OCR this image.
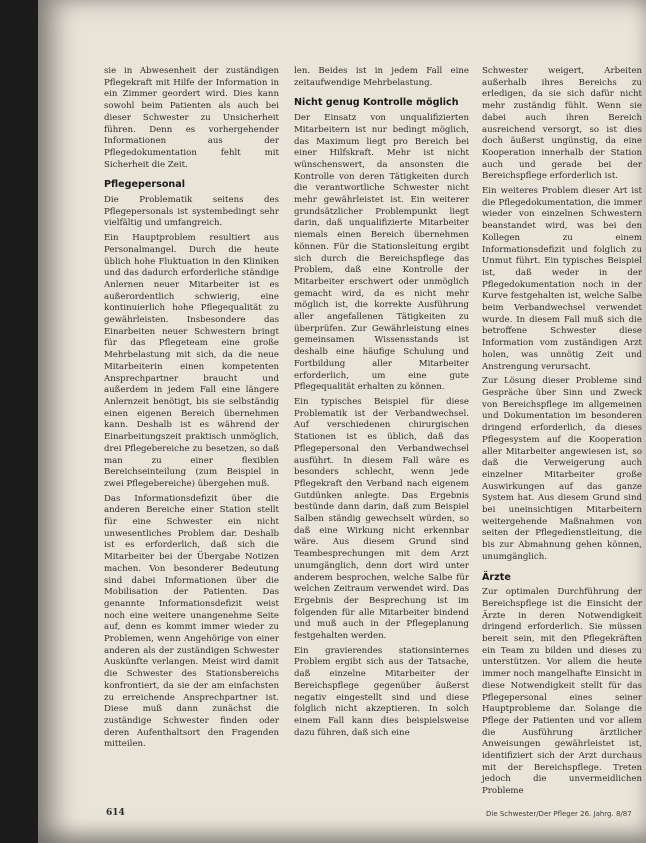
sie in Abwesenheit der zuständigen Pflegekraft mit Hilfe der Information in ein Zimmer geordert wird. Dies kann sowohl beim Patienten als auch bei dieser Schwester zu Unsicherheit führen. Denn es vorhergehender Informationen aus der Pflegedokumentation fehlt mit Sicherheit die Zeit.

Pflegepersonal

Die Problematik seitens des Pflegepersonals ist systembedingt sehr vielfältig und umfangreich.

Ein Hauptproblem resultiert aus Personalmangel. Durch die heute üblich hohe Fluktuation in den Kliniken und das dadurch erforderliche ständige Anlernen neuer Mitarbeiter ist es außerordentlich schwierig, eine kontinuierlich hohe Pflegequalität zu gewährleisten. Insbesondere das Einarbeiten neuer Schwestern bringt für das Pflegeteam eine große Mehrbelastung mit sich, da die neue Mitarbeiterin einen kompetenten Ansprechpartner braucht und außerdem in jedem Fall eine längere Anlernzeit benötigt, bis sie selbständig einen eigenen Bereich übernehmen kann. Deshalb ist es während der Einarbeitungszeit praktisch unmöglich, drei Pflegebereiche zu besetzen, so daß man zu einer flexiblen Bereichseinteilung (zum Beispiel in zwei Pflegebereiche) übergehen muß.

Das Informationsdefizit über die anderen Bereiche einer Station stellt für eine Schwester ein nicht unwesentliches Problem dar. Deshalb ist es erforderlich, daß sich die Mitarbeiter bei der Übergabe Notizen machen. Von besonderer Bedeutung sind dabei Informationen über die Mobilisation der Patienten. Das genannte Informationsdefizit weist noch eine weitere unangenehme Seite auf, denn es kommt immer wieder zu Problemen, wenn Angehörige von einer anderen als der zuständigen Schwester Auskünfte verlangen. Meist wird damit die Schwester des Stationsbereichs konfrontiert, da sie der am einfachsten zu erreichende Ansprechpartner ist. Diese muß dann zunächst die zuständige Schwester finden oder deren Aufenthaltsort den Fragenden mitteilen.

len. Beides ist in jedem Fall eine zeitaufwendige Mehrbelastung.

Nicht genug Kontrolle möglich

Der Einsatz von unqualifizierten Mitarbeitern ist nur bedingt möglich, das Maximum liegt pro Bereich bei einer Hilfskraft. Mehr ist nicht wünschenswert, da ansonsten die Kontrolle von deren Tätigkeiten durch die verantwortliche Schwester nicht mehr gewährleistet ist. Ein weiterer grundsätzlicher Problempunkt liegt darin, daß unqualifizierte Mitarbeiter niemals einen Bereich übernehmen können. Für die Stationsleitung ergibt sich durch die Bereichspflege das Problem, daß eine Kontrolle der Mitarbeiter erschwert oder unmöglich gemacht wird, da es nicht mehr möglich ist, die korrekte Ausführung aller angefallenen Tätigkeiten zu überprüfen. Zur Gewährleistung eines gemeinsamen Wissensstands ist deshalb eine häufige Schulung und Fortbildung aller Mitarbeiter erforderlich, um eine gute Pflegequalität erhalten zu können.

Ein typisches Beispiel für diese Problematik ist der Verbandwechsel. Auf verschiedenen chirurgischen Stationen ist es üblich, daß das Pflegepersonal den Verbandwechsel ausführt. In diesem Fall wäre es besonders schlecht, wenn jede Pflegekraft den Verband nach eigenem Gutdünken anlegte. Das Ergebnis bestünde dann darin, daß zum Beispiel Salben ständig gewechselt würden, so daß eine Wirkung nicht erkennbar wäre. Aus diesem Grund sind Teambesprechungen mit dem Arzt unumgänglich, denn dort wird unter anderem besprochen, welche Salbe für welchen Zeitraum verwendet wird. Das Ergebnis der Besprechung ist im folgenden für alle Mitarbeiter bindend und muß auch in der Pflegeplanung festgehalten werden.

Ein gravierendes stationsinternes Problem ergibt sich aus der Tatsache, daß einzelne Mitarbeiter der Bereichspflege gegenüber äußerst negativ eingestellt sind und diese folglich nicht akzeptieren. In solch einem Fall kann dies beispielsweise dazu führen, daß sich eine

Schwester weigert, Arbeiten außerhalb ihres Bereichs zu erledigen, da sie sich dafür nicht mehr zuständig fühlt. Wenn sie dabei auch ihren Bereich ausreichend versorgt, so ist dies doch äußerst ungünstig, da eine Kooperation innerhalb der Station auch und gerade bei der Bereichspflege erforderlich ist.

Ein weiteres Problem dieser Art ist die Pflegedokumentation, die immer wieder von einzelnen Schwestern beanstandet wird, was bei den Kollegen zu einem Informationsdefizit und folglich zu Unmut führt. Ein typisches Beispiel ist, daß weder in der Pflegedokumentation noch in der Kurve festgehalten ist, welche Salbe beim Verbandwechsel verwendet wurde. In diesem Fall muß sich die betroffene Schwester diese Information vom zuständigen Arzt holen, was unnötig Zeit und Anstrengung verursacht.

Zur Lösung dieser Probleme sind Gespräche über Sinn und Zweck von Bereichspflege im allgemeinen und Dokumentation im besonderen dringend erforderlich, da dieses Pflegesystem auf die Kooperation aller Mitarbeiter angewiesen ist, so daß die Verweigerung auch einzelner Mitarbeiter große Auswirkungen auf das ganze System hat. Aus diesem Grund sind bei uneinsichtigen Mitarbeitern weitergehende Maßnahmen von seiten der Pflegedienstleitung, die bis zur Abmahnung gehen können, unumgänglich.

Ärzte

Zur optimalen Durchführung der Bereichspflege ist die Einsicht der Ärzte in deren Notwendigkeit dringend erforderlich. Sie müssen bereit sein, mit den Pflegekräften ein Team zu bilden und dieses zu unterstützen. Vor allem die heute immer noch mangelhafte Einsicht in diese Notwendigkeit stellt für das Pflegepersonal eines seiner Hauptprobleme dar. Solange die Pflege der Patienten und vor allem die Ausführung ärztlicher Anweisungen gewährleistet ist, identifiziert sich der Arzt durchaus mit der Bereichspflege. Treten jedoch die unvermeidlichen Probleme

614	Die Schwester/Der Pfleger 26. Jahrg. 8/87
